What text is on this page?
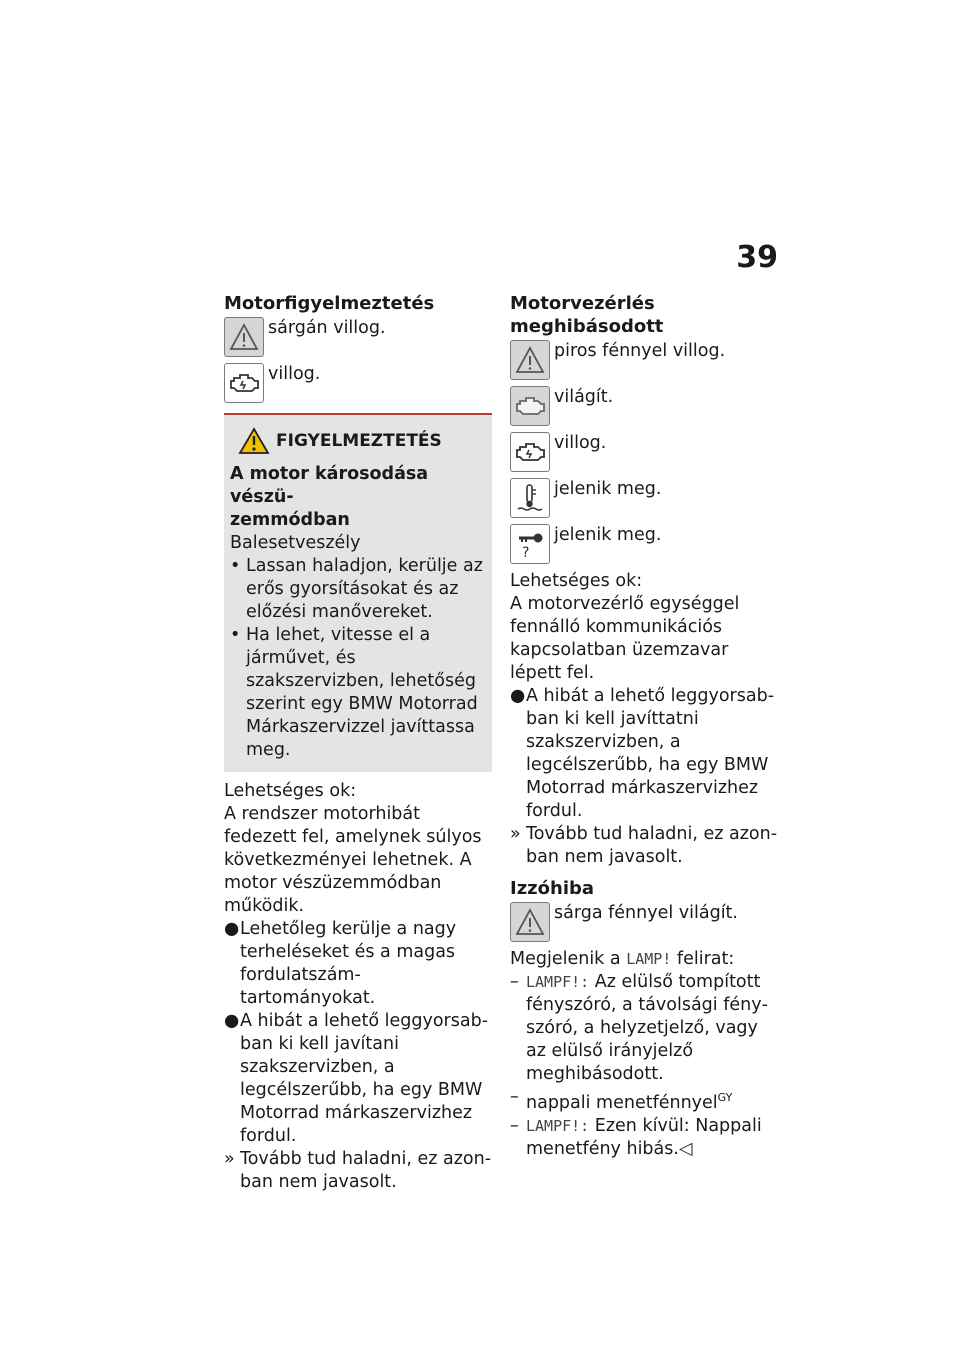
39
Motorfigyelmeztetés
sárgán villog.
villog.
FIGYELMEZTETÉS
A motor károsodása vészü-
zemmódban
Balesetveszély
• Lassan haladjon, kerülje az erős gyorsításokat és az előzési manővereket.
• Ha lehet, vitesse el a járművet, és szakszervizben, lehetőség szerint egy BMW Motorrad Márkaszervizzel javíttassa meg.
Lehetséges ok:
A rendszer motorhibát fedezett fel, amelynek súlyos következményei lehetnek. A motor vészüzemmódban működik.
● Lehetőleg kerülje a nagy terheléseket és a magas fordulatszám-tartományokat.
● A hibát a lehető leggyorsabban ki kell javítani szakszervizben, a legcélszerűbb, ha egy BMW Motorrad márkaszervizhez fordul.
» Tovább tud haladni, ez azonban nem javasolt.
Motorvezérlés meghibásodott
piros fénnyel villog.
világít.
villog.
jelenik meg.
?
jelenik meg.
Lehetséges ok:
A motorvezérlő egységgel fennálló kommunikációs kapcsolatban üzemzavar lépett fel.
● A hibát a lehető leggyorsabban ki kell javíttatni szakszervizben, a legcélszerűbb, ha egy BMW Motorrad márkaszervizhez fordul.
» Tovább tud haladni, ez azonban nem javasolt.
Izzóhiba
sárga fénnyel világít.
Megjelenik a LAMP! felirat:
– LAMPF!: Az elülső tompított fényszóró, a távolsági fényszóró, a helyzetjelző, vagy az elülső irányjelző meghibásodott.
– nappali menetfénnyel$^{GY}$
– LAMPF!: Ezen kívül: Nappali menetfény hibás.◁
